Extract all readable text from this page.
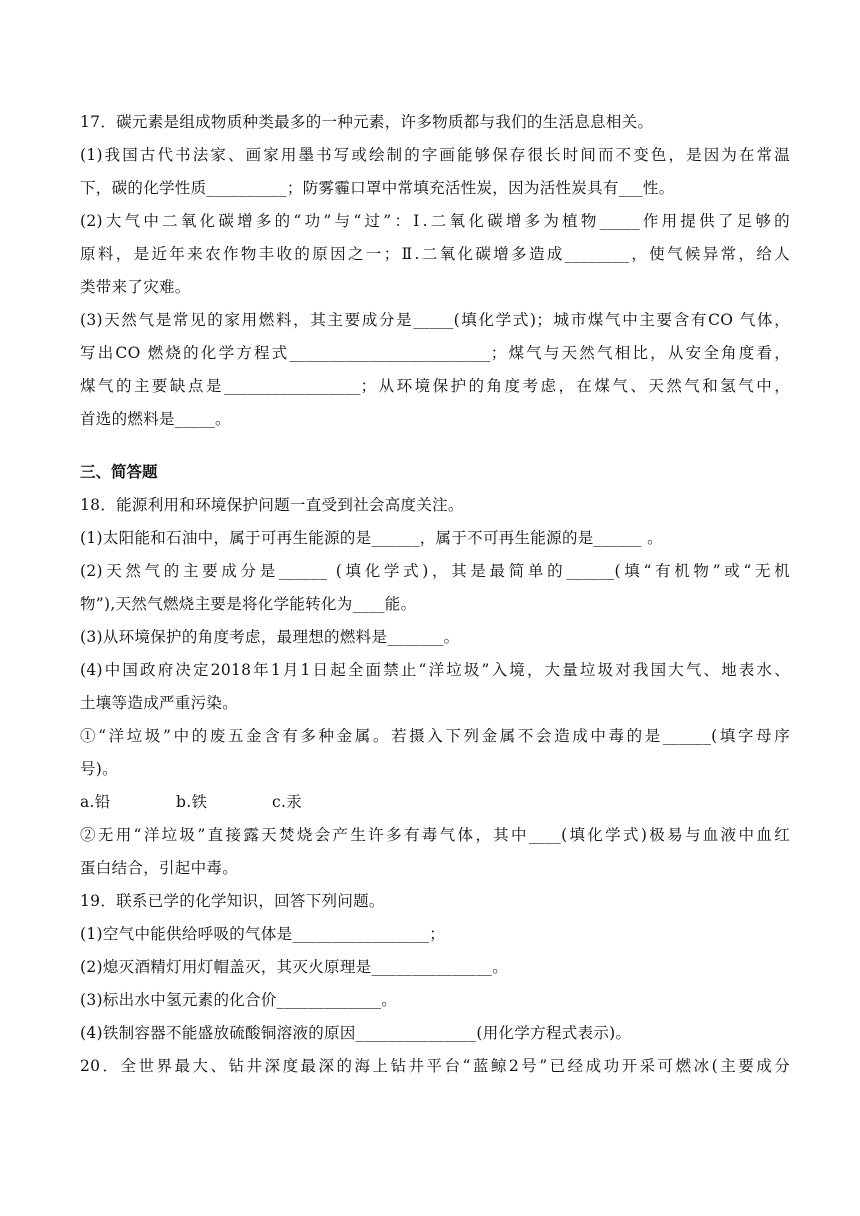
17．碳元素是组成物质种类最多的一种元素，许多物质都与我们的生活息息相关。
(1)我国古代书法家、画家用墨书写或绘制的字画能够保存很长时间而不变色，是因为在常温
下，碳的化学性质__________；防雾霾口罩中常填充活性炭，因为活性炭具有___性。
(2)大气中二氧化碳增多的“功”与“过”：Ⅰ.二氧化碳增多为植物_____作用提供了足够的
原料，是近年来农作物丰收的原因之一；Ⅱ.二氧化碳增多造成________，使气候异常，给人
类带来了灾难。
(3)天然气是常见的家用燃料，其主要成分是_____(填化学式)；城市煤气中主要含有CO 气体，
写出CO 燃烧的化学方程式_________________________；煤气与天然气相比，从安全角度看，
煤气的主要缺点是_________________；从环境保护的角度考虑，在煤气、天然气和氢气中，
首选的燃料是_____。
三、简答题
18．能源利用和环境保护问题一直受到社会高度关注。
(1)太阳能和石油中，属于可再生能源的是______，属于不可再生能源的是______ 。
(2)天然气的主要成分是______ (填化学式)，其是最简单的______(填“有机物”或“无机
物”),天然气燃烧主要是将化学能转化为____能。
(3)从环境保护的角度考虑，最理想的燃料是_______。
(4)中国政府决定2018年1月1日起全面禁止“洋垃圾”入境，大量垃圾对我国大气、地表水、
土壤等造成严重污染。
①“洋垃圾”中的废五金含有多种金属。若摄入下列金属不会造成中毒的是______(填字母序
号)。
a.铅	b.铁	c.汞
②无用“洋垃圾”直接露天焚烧会产生许多有毒气体，其中____(填化学式)极易与血液中血红
蛋白结合，引起中毒。
19．联系已学的化学知识，回答下列问题。
(1)空气中能供给呼吸的气体是_________________；
(2)熄灭酒精灯用灯帽盖灭，其灭火原理是_______________。
(3)标出水中氢元素的化合价_____________。
(4)铁制容器不能盛放硫酸铜溶液的原因_______________(用化学方程式表示)。
20．全世界最大、钻井深度最深的海上钻井平台“蓝鲸2号”已经成功开采可燃冰(主要成分
